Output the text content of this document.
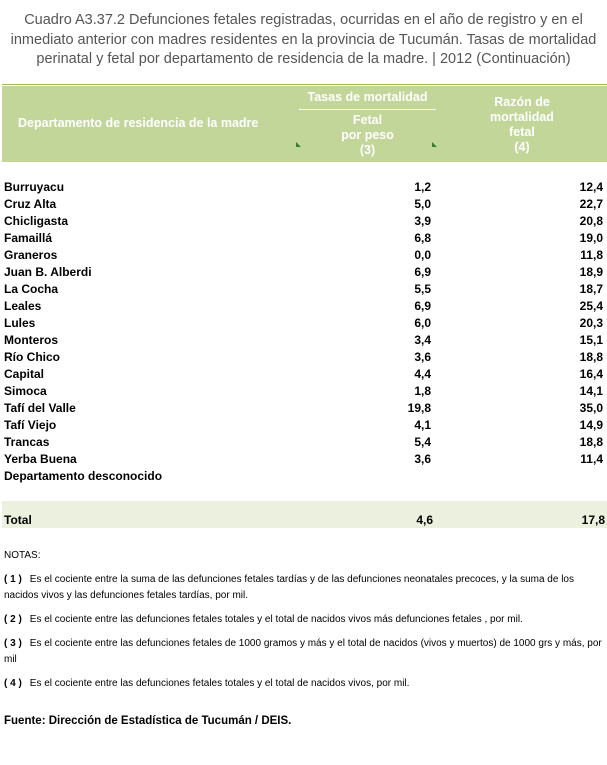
Cuadro A3.37.2 Defunciones fetales registradas, ocurridas en el año de registro y en el inmediato anterior con madres residentes en la provincia de Tucumán. Tasas de mortalidad perinatal y fetal por departamento de residencia de la madre. | 2012 (Continuación)
Departamento de residencia de la madre
Tasas de mortalidad
Fetal
por peso
(3)
Razón de
mortalidad
fetal
(4)
Burruyacu	1,2	12,4
Cruz Alta	5,0	22,7
Chicligasta	3,9	20,8
Famaillá	6,8	19,0
Graneros	0,0	11,8
Juan B. Alberdi	6,9	18,9
La Cocha	5,5	18,7
Leales	6,9	25,4
Lules	6,0	20,3
Monteros	3,4	15,1
Río Chico	3,6	18,8
Capital	4,4	16,4
Simoca	1,8	14,1
Tafí del Valle	19,8	35,0
Tafí Viejo	4,1	14,9
Trancas	5,4	18,8
Yerba Buena	3,6	11,4
Departamento desconocido
Total	4,6	17,8
NOTAS:
( 1 ) Es el cociente entre la suma de las defunciones fetales tardías y de las defunciones neonatales precoces, y la suma de los nacidos vivos y las defunciones fetales tardías, por mil.
( 2 ) Es el cociente entre las defunciones fetales totales y el total de nacidos vivos más defunciones fetales , por mil.
( 3 ) Es el cociente entre las defunciones fetales de 1000 gramos y más y el total de nacidos (vivos y muertos) de 1000 grs y más, por mil
( 4 ) Es el cociente entre las defunciones fetales totales y el total de nacidos vivos, por mil.
Fuente: Dirección de Estadística de Tucumán / DEIS.
